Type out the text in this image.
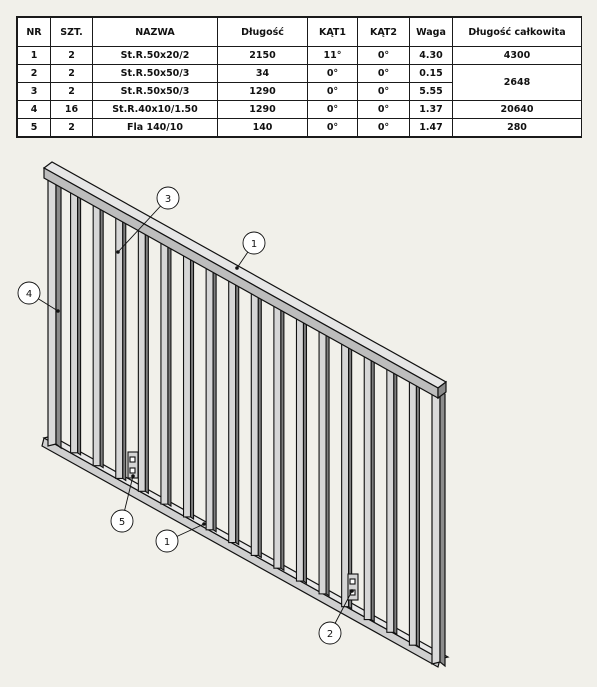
NR	SZT.	NAZWA	Długość	KĄT1	KĄT2	Waga	Długość całkowita
1	2	St.R.50x20/2	2150	11°	0°	4.30	4300
2	2	St.R.50x50/3	34	0°	0°	0.15	2648
3	2	St.R.50x50/3	1290	0°	0°	5.55	
4	16	St.R.40x10/1.50	1290	0°	0°	1.37	20640
5	2	Fla 140/10	140	0°	0°	1.47	280
3
1
4
5
1
2
